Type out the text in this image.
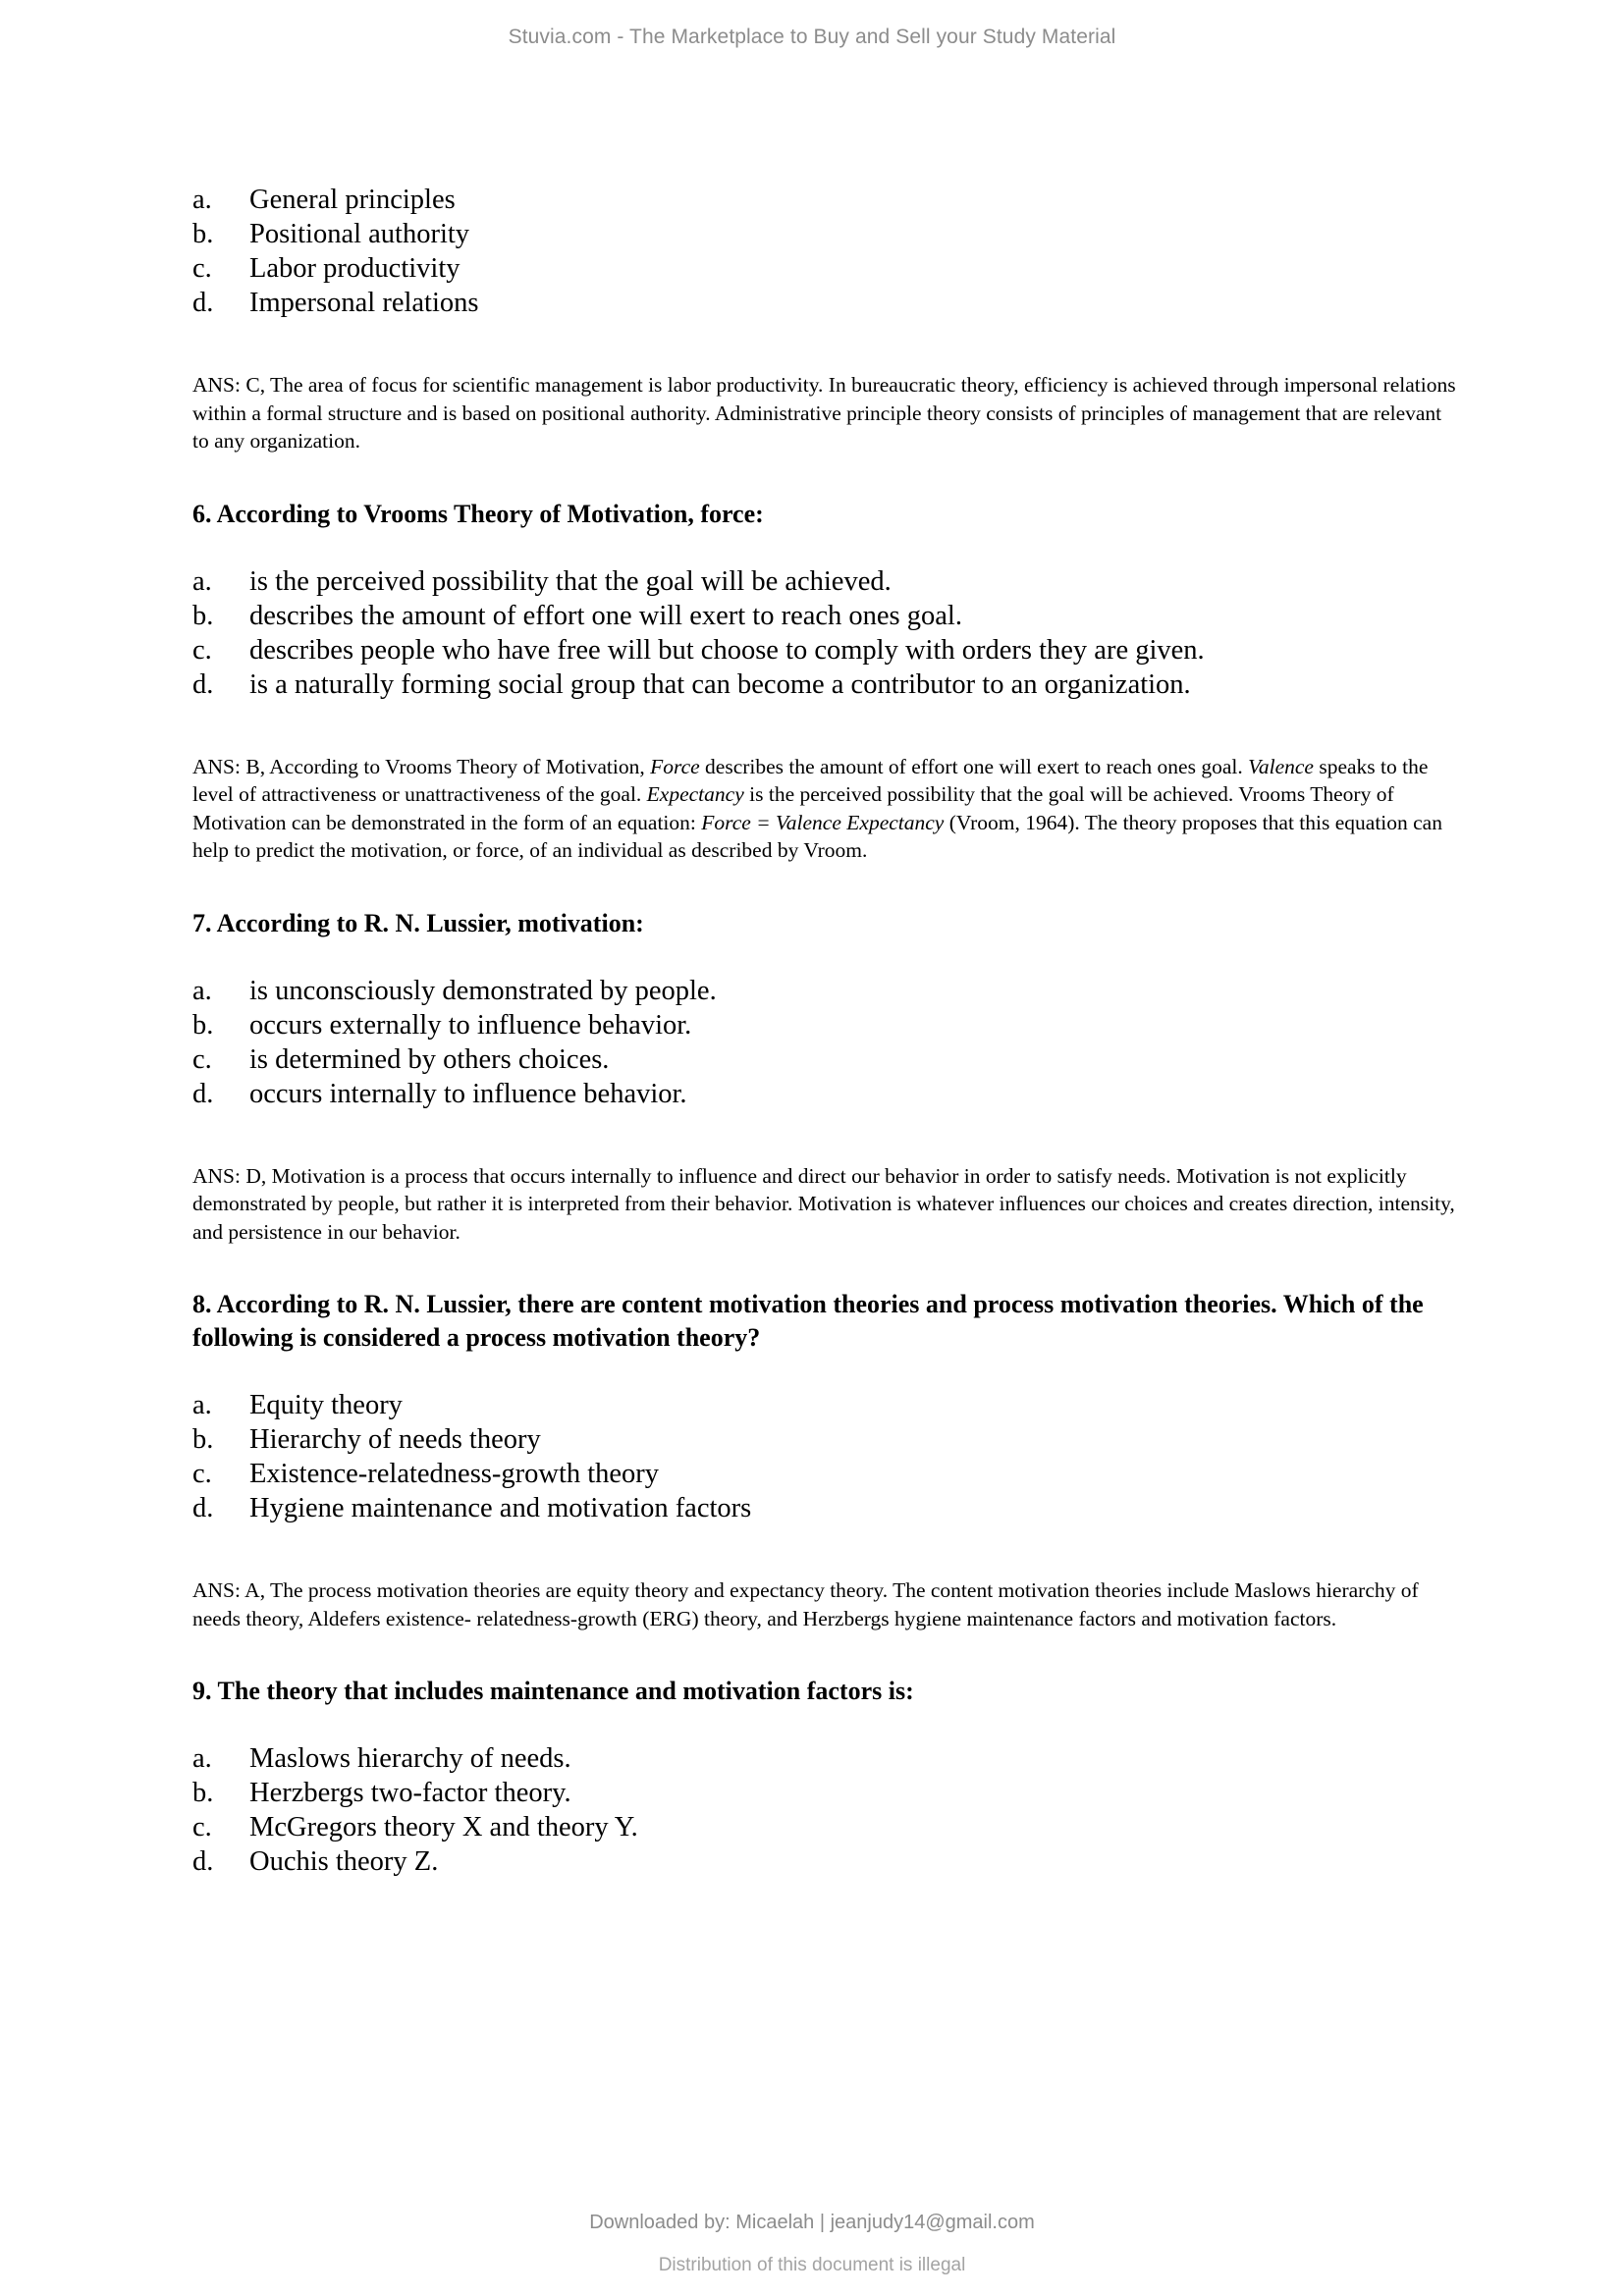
Stuvia.com - The Marketplace to Buy and Sell your Study Material
a.	General principles
b.	Positional authority
c.	Labor productivity
d.	Impersonal relations

ANS: C, The area of focus for scientific management is labor productivity. In bureaucratic theory, efficiency is achieved through impersonal relations within a formal structure and is based on positional authority. Administrative principle theory consists of principles of management that are relevant to any organization.

6. According to Vrooms Theory of Motivation, force:

a.	is the perceived possibility that the goal will be achieved.
b.	describes the amount of effort one will exert to reach ones goal.
c.	describes people who have free will but choose to comply with orders they are given.
d.	is a naturally forming social group that can become a contributor to an organization.

ANS: B, According to Vrooms Theory of Motivation, Force describes the amount of effort one will exert to reach ones goal. Valence speaks to the level of attractiveness or unattractiveness of the goal. Expectancy is the perceived possibility that the goal will be achieved. Vrooms Theory of Motivation can be demonstrated in the form of an equation: Force = Valence Expectancy (Vroom, 1964). The theory proposes that this equation can help to predict the motivation, or force, of an individual as described by Vroom.

7. According to R. N. Lussier, motivation:

a.	is unconsciously demonstrated by people.
b.	occurs externally to influence behavior.
c.	is determined by others choices.
d.	occurs internally to influence behavior.

ANS: D, Motivation is a process that occurs internally to influence and direct our behavior in order to satisfy needs. Motivation is not explicitly demonstrated by people, but rather it is interpreted from their behavior. Motivation is whatever influences our choices and creates direction, intensity, and persistence in our behavior.

8. According to R. N. Lussier, there are content motivation theories and process motivation theories. Which of the following is considered a process motivation theory?

a.	Equity theory
b.	Hierarchy of needs theory
c.	Existence-relatedness-growth theory
d.	Hygiene maintenance and motivation factors

ANS: A, The process motivation theories are equity theory and expectancy theory. The content motivation theories include Maslows hierarchy of needs theory, Aldefers existence- relatedness-growth (ERG) theory, and Herzbergs hygiene maintenance factors and motivation factors.

9. The theory that includes maintenance and motivation factors is:

a.	Maslows hierarchy of needs.
b.	Herzbergs two-factor theory.
c.	McGregors theory X and theory Y.
d.	Ouchis theory Z.
Downloaded by: Micaelah | jeanjudy14@gmail.com
Distribution of this document is illegal
